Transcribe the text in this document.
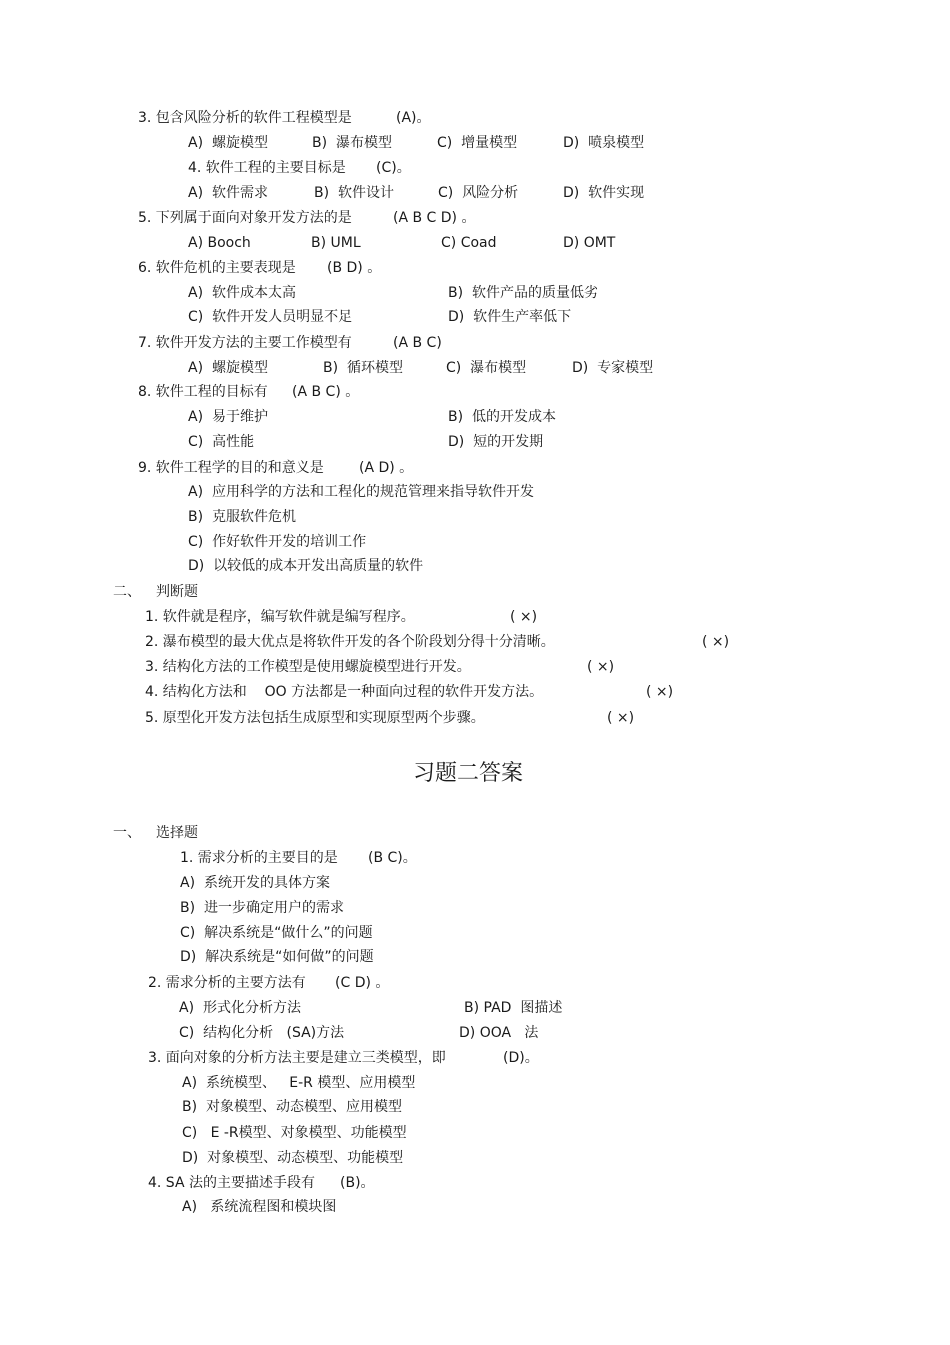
3. 包含风险分析的软件工程模型是	(A)。
A)  螺旋模型	B)  瀑布模型	C)  增量模型	D)  喷泉模型
4. 软件工程的主要目标是 (C)。
A)  软件需求	B)  软件设计	C)  风险分析	D)  软件实现
5. 下列属于面向对象开发方法的是	(A B C D) 。
A) Booch	B) UML	C) Coad	D) OMT
6. 软件危机的主要表现是 (B D) 。
A)  软件成本太高	B)  软件产品的质量低劣
C)  软件开发人员明显不足	D)  软件生产率低下
7. 软件开发方法的主要工作模型有	(A B C)
A)  螺旋模型	B)  循环模型	C)  瀑布模型	D)  专家模型
8. 软件工程的目标有 (A B C) 。
A)  易于维护	B)  低的开发成本
C)  高性能	D)  短的开发期
9. 软件工程学的目的和意义是	(A D) 。
A)  应用科学的方法和工程化的规范管理来指导软件开发
B)  克服软件危机
C)  作好软件开发的培训工作
D)  以较低的成本开发出高质量的软件
二、 判断题
1. 软件就是程序，编写软件就是编写程序。	( ×)
2. 瀑布模型的最大优点是将软件开发的各个阶段划分得十分清晰。	( ×)
3. 结构化方法的工作模型是使用螺旋模型进行开发。	( ×)
4. 结构化方法和    OO 方法都是一种面向过程的软件开发方法。	( ×)
5. 原型化开发方法包括生成原型和实现原型两个步骤。	( ×)
习题二答案
一、 选择题
1. 需求分析的主要目的是 (B C)。
A)  系统开发的具体方案
B)  进一步确定用户的需求
C)  解决系统是“做什么”的问题
D)  解决系统是“如何做”的问题
2. 需求分析的主要方法有 (C D) 。
A)  形式化分析方法	B) PAD  图描述
C)  结构化分析   (SA)方法	D) OOA   法
3. 面向对象的分析方法主要是建立三类模型，即	(D)。
A)  系统模型、   E-R 模型、应用模型
B)  对象模型、动态模型、应用模型
C)   E -R模型、对象模型、功能模型
D)  对象模型、动态模型、功能模型
4. SA 法的主要描述手段有 (B)。
A)   系统流程图和模块图
